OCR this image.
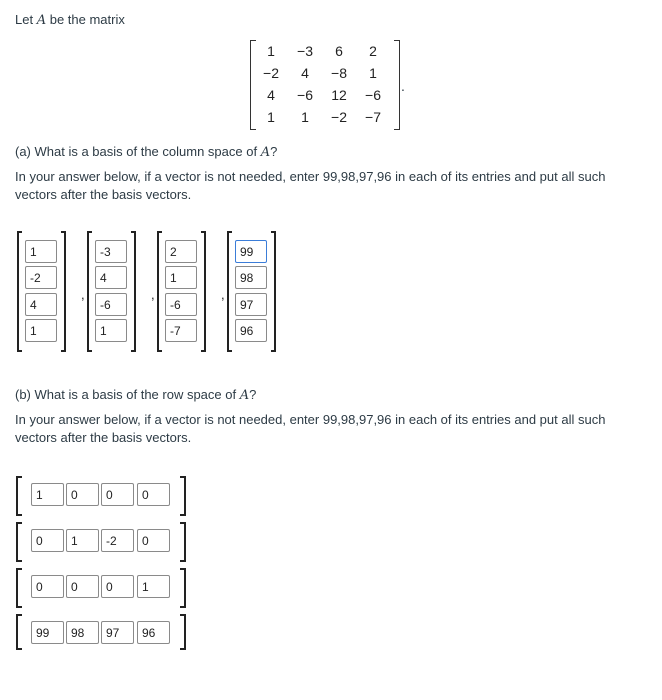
Let A be the matrix
1	−3	6	2
−2	4	−8	1
4	−6	12	−6
1	1	−2	−7
.
(a) What is a basis of the column space of A?
In your answer below, if a vector is not needed, enter 99,98,97,96 in each of its entries and put all such
vectors after the basis vectors.
1
-2
4
1
,
-3
4
-6
1
,
2
1
-6
-7
,
99
98
97
96
(b) What is a basis of the row space of A?
In your answer below, if a vector is not needed, enter 99,98,97,96 in each of its entries and put all such
vectors after the basis vectors.
1	0	0	0
0	1	-2	0
0	0	0	1
99	98	97	96
